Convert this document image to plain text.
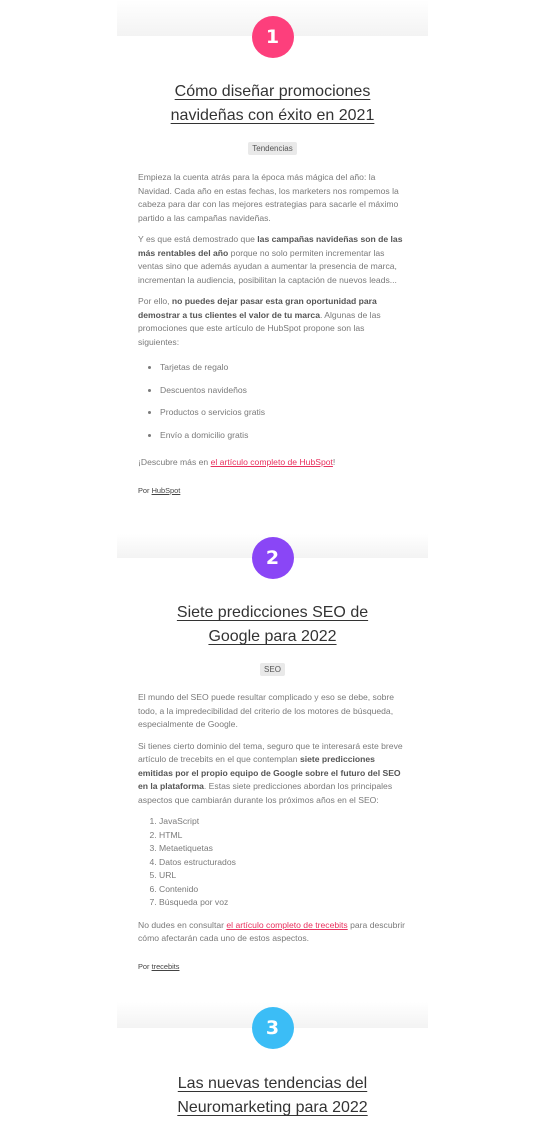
1
Cómo diseñar promociones navideñas con éxito en 2021
Tendencias

Empieza la cuenta atrás para la época más mágica del año: la Navidad. Cada año en estas fechas, los marketers nos rompemos la cabeza para dar con las mejores estrategias para sacarle el máximo partido a las campañas navideñas.

Y es que está demostrado que las campañas navideñas son de las más rentables del año porque no solo permiten incrementar las ventas sino que además ayudan a aumentar la presencia de marca, incrementan la audiencia, posibilitan la captación de nuevos leads...

Por ello, no puedes dejar pasar esta gran oportunidad para demostrar a tus clientes el valor de tu marca. Algunas de las promociones que este artículo de HubSpot propone son las siguientes:

• Tarjetas de regalo
• Descuentos navideños
• Productos o servicios gratis
• Envío a domicilio gratis

¡Descubre más en el artículo completo de HubSpot!

Por HubSpot
2
Siete predicciones SEO de Google para 2022
SEO

El mundo del SEO puede resultar complicado y eso se debe, sobre todo, a la impredecibilidad del criterio de los motores de búsqueda, especialmente de Google.

Si tienes cierto dominio del tema, seguro que te interesará este breve artículo de trecebits en el que contemplan siete predicciones emitidas por el propio equipo de Google sobre el futuro del SEO en la plataforma. Estas siete predicciones abordan los principales aspectos que cambiarán durante los próximos años en el SEO:

1. JavaScript
2. HTML
3. Metaetiquetas
4. Datos estructurados
5. URL
6. Contenido
7. Búsqueda por voz

No dudes en consultar el artículo completo de trecebits para descubrir cómo afectarán cada uno de estos aspectos.

Por trecebits
3
Las nuevas tendencias del Neuromarketing para 2022
